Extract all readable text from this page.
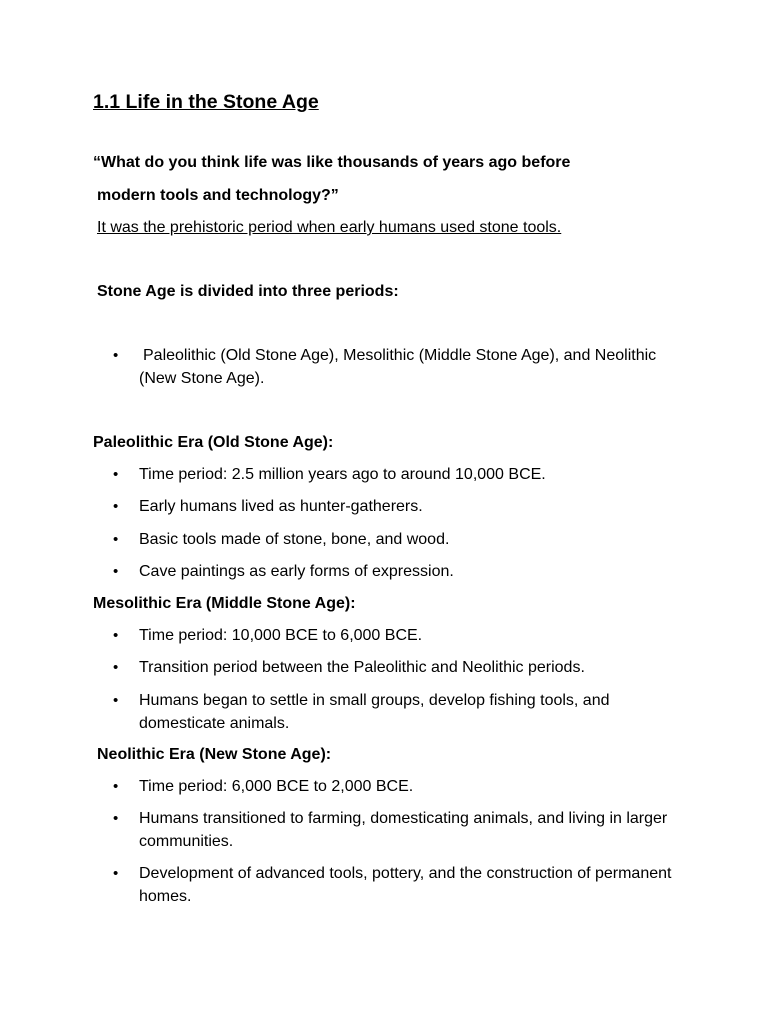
1.1 Life in the Stone Age
“What do you think life was like thousands of years ago before
modern tools and technology?”
It was the prehistoric period when early humans used stone tools.
Stone Age is divided into three periods:
• Paleolithic (Old Stone Age), Mesolithic (Middle Stone Age), and Neolithic (New Stone Age).
Paleolithic Era (Old Stone Age):
• Time period: 2.5 million years ago to around 10,000 BCE.
• Early humans lived as hunter-gatherers.
• Basic tools made of stone, bone, and wood.
• Cave paintings as early forms of expression.
Mesolithic Era (Middle Stone Age):
• Time period: 10,000 BCE to 6,000 BCE.
• Transition period between the Paleolithic and Neolithic periods.
• Humans began to settle in small groups, develop fishing tools, and domesticate animals.
Neolithic Era (New Stone Age):
• Time period: 6,000 BCE to 2,000 BCE.
• Humans transitioned to farming, domesticating animals, and living in larger communities.
• Development of advanced tools, pottery, and the construction of permanent homes.
